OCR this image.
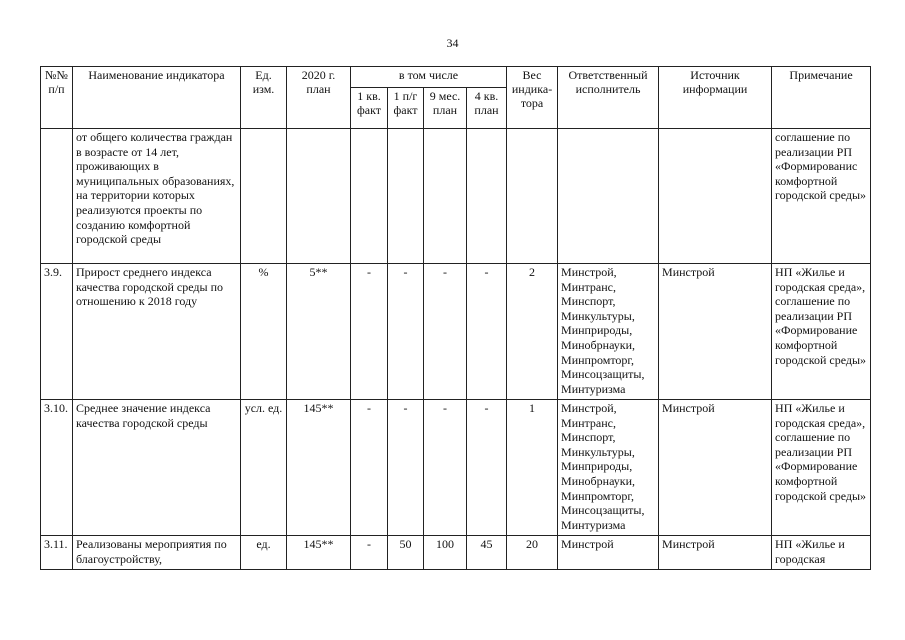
34
№№ п/п	Наименование индикатора	Ед. изм.	2020 г. план	в том числе				Вес индика-тора	Ответственный исполнитель	Источник информации	Примечание
				1 кв. факт	1 п/г факт	9 мес. план	4 кв. план				
	от общего количества граждан в возрасте от 14 лет, проживающих в муниципальных образованиях, на территории которых реализуются проекты по созданию комфортной городской среды										соглашение по реализации РП «Формированис комфортной городской среды»
3.9.	Прирост среднего индекса качества городской среды по отношению к 2018 году	%	5**	-	-	-	-	2	Минстрой, Минтранс, Минспорт, Минкультуры, Минприроды, Минобрнауки, Минпромторг, Минсоцзащиты, Минтуризма	Минстрой	НП «Жилье и городская среда», соглашение по реализации РП «Формирование комфортной городской среды»
3.10.	Среднее значение индекса качества городской среды	усл. ед.	145**	-	-	-	-	1	Минстрой, Минтранс, Минспорт, Минкультуры, Минприроды, Минобрнауки, Минпромторг, Минсоцзащиты, Минтуризма	Минстрой	НП «Жилье и городская среда», соглашение по реализации РП «Формирование комфортной городской среды»
3.11.	Реализованы мероприятия по благоустройству,	ед.	145**	-	50	100	45	20	Минстрой	Минстрой	НП «Жилье и городская
